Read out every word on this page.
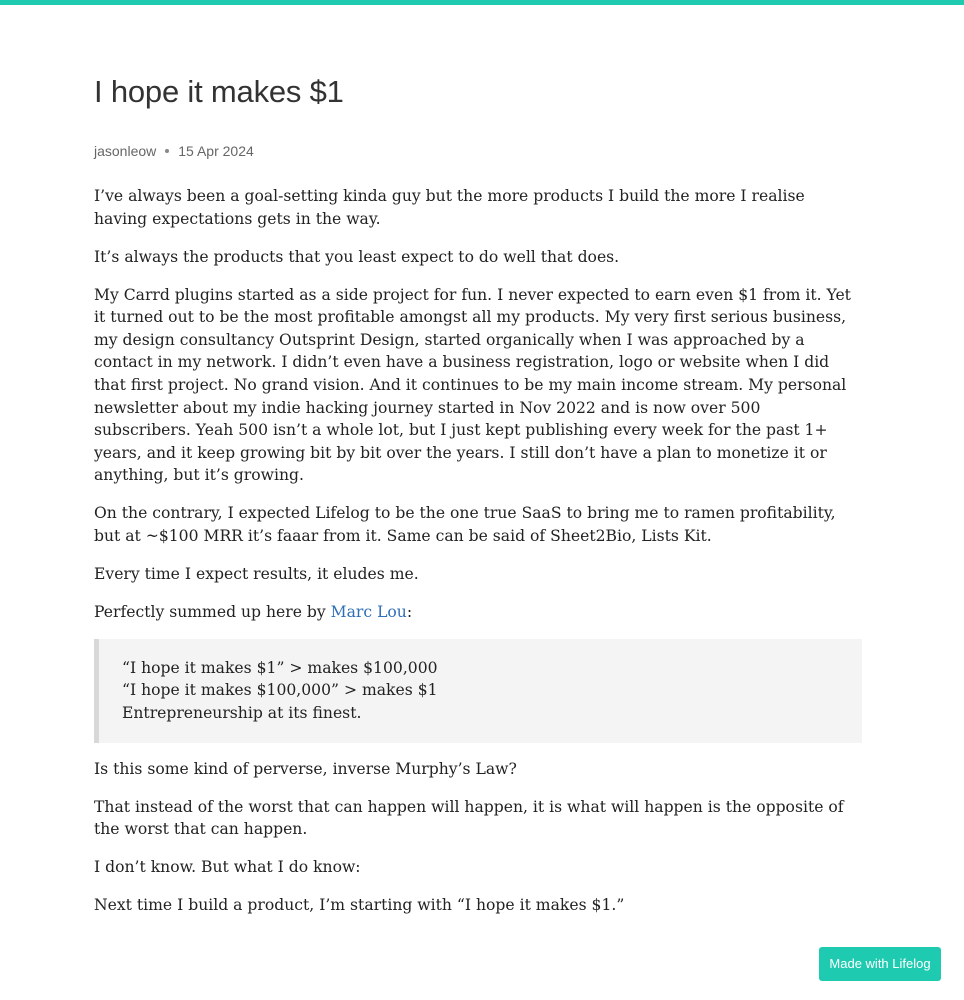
I hope it makes $1
jasonleow 15 Apr 2024

I’ve always been a goal-setting kinda guy but the more products I build the more I realise having expectations gets in the way.

It’s always the products that you least expect to do well that does.

My Carrd plugins started as a side project for fun. I never expected to earn even $1 from it. Yet it turned out to be the most profitable amongst all my products. My very first serious business, my design consultancy Outsprint Design, started organically when I was approached by a contact in my network. I didn’t even have a business registration, logo or website when I did that first project. No grand vision. And it continues to be my main income stream. My personal newsletter about my indie hacking journey started in Nov 2022 and is now over 500 subscribers. Yeah 500 isn’t a whole lot, but I just kept publishing every week for the past 1+ years, and it keep growing bit by bit over the years. I still don’t have a plan to monetize it or anything, but it’s growing.

On the contrary, I expected Lifelog to be the one true SaaS to bring me to ramen profitability, but at ~$100 MRR it’s faaar from it. Same can be said of Sheet2Bio, Lists Kit.

Every time I expect results, it eludes me.

Perfectly summed up here by Marc Lou:

“I hope it makes $1” > makes $100,000
“I hope it makes $100,000” > makes $1
Entrepreneurship at its finest.

Is this some kind of perverse, inverse Murphy’s Law?

That instead of the worst that can happen will happen, it is what will happen is the opposite of the worst that can happen.

I don’t know. But what I do know:

Next time I build a product, I’m starting with “I hope it makes $1.”

Made with Lifelog
